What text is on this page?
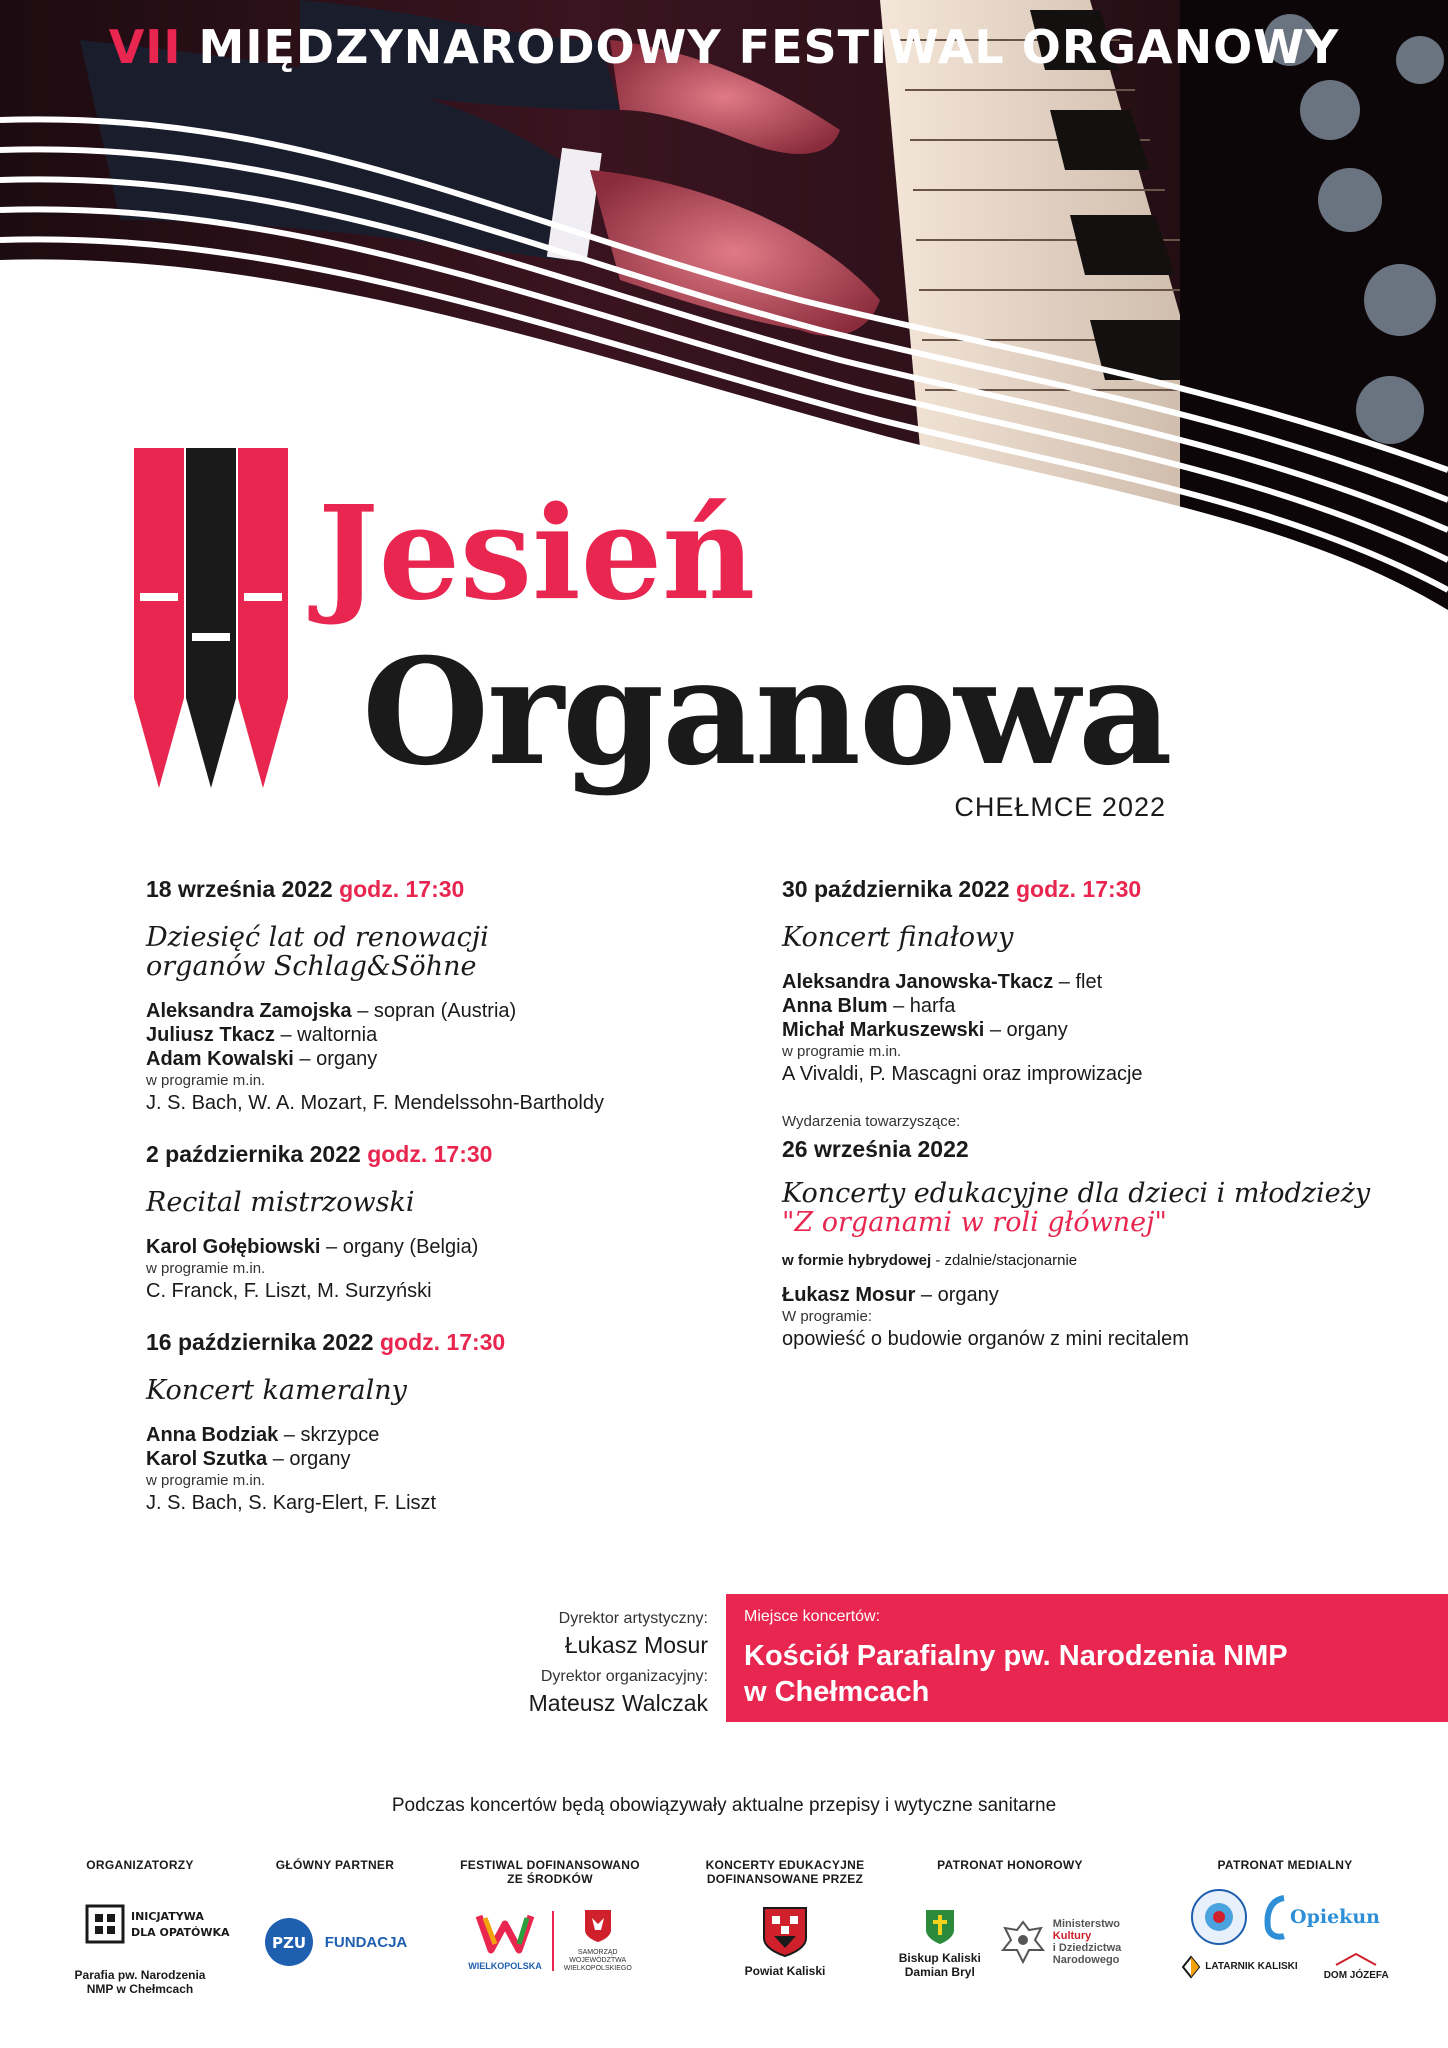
VII MIĘDZYNARODOWY FESTIWAL ORGANOWY
Jesień
Organowa
CHEŁMCE 2022
18 września 2022 godz. 17:30
Dziesięć lat od renowacji
organów Schlag&Söhne
Aleksandra Zamojska – sopran (Austria)
Juliusz Tkacz – waltornia
Adam Kowalski – organy
w programie m.in.
J. S. Bach, W. A. Mozart, F. Mendelssohn-Bartholdy
2 października 2022 godz. 17:30
Recital mistrzowski
Karol Gołębiowski – organy (Belgia)
w programie m.in.
C. Franck, F. Liszt, M. Surzyński
16 października 2022 godz. 17:30
Koncert kameralny
Anna Bodziak – skrzypce
Karol Szutka – organy
w programie m.in.
J. S. Bach, S. Karg-Elert, F. Liszt
30 października 2022 godz. 17:30
Koncert finałowy
Aleksandra Janowska-Tkacz – flet
Anna Blum – harfa
Michał Markuszewski – organy
w programie m.in.
A Vivaldi, P. Mascagni oraz improwizacje
Wydarzenia towarzyszące:
26 września 2022
Koncerty edukacyjne dla dzieci i młodzieży
"Z organami w roli głównej"
w formie hybrydowej - zdalnie/stacjonarnie
Łukasz Mosur – organy
W programie:
opowieść o budowie organów z mini recitalem
Dyrektor artystyczny:
Łukasz Mosur
Dyrektor organizacyjny:
Mateusz Walczak
Miejsce koncertów:
Kościół Parafialny pw. Narodzenia NMP
w Chełmcach
Podczas koncertów będą obowiązywały aktualne przepisy i wytyczne sanitarne
ORGANIZATORZY
INICJATYWA
DLA OPATÓWKA
Parafia pw. Narodzenia
NMP w Chełmcach
GŁÓWNY PARTNER
PZU FUNDACJA
FESTIWAL DOFINANSOWANO
ZE ŚRODKÓW
WIELKOPOLSKA
SAMORZĄD
WOJEWÓDZTWA
WIELKOPOLSKIEGO
KONCERTY EDUKACYJNE
DOFINANSOWANE PRZEZ
Powiat Kaliski
PATRONAT HONOROWY
Biskup Kaliski
Damian Bryl
Ministerstwo
Kultury
i Dziedzictwa
Narodowego
PATRONAT MEDIALNY
Opiekun
LATARNIK KALISKI
DOM JÓZEFA
